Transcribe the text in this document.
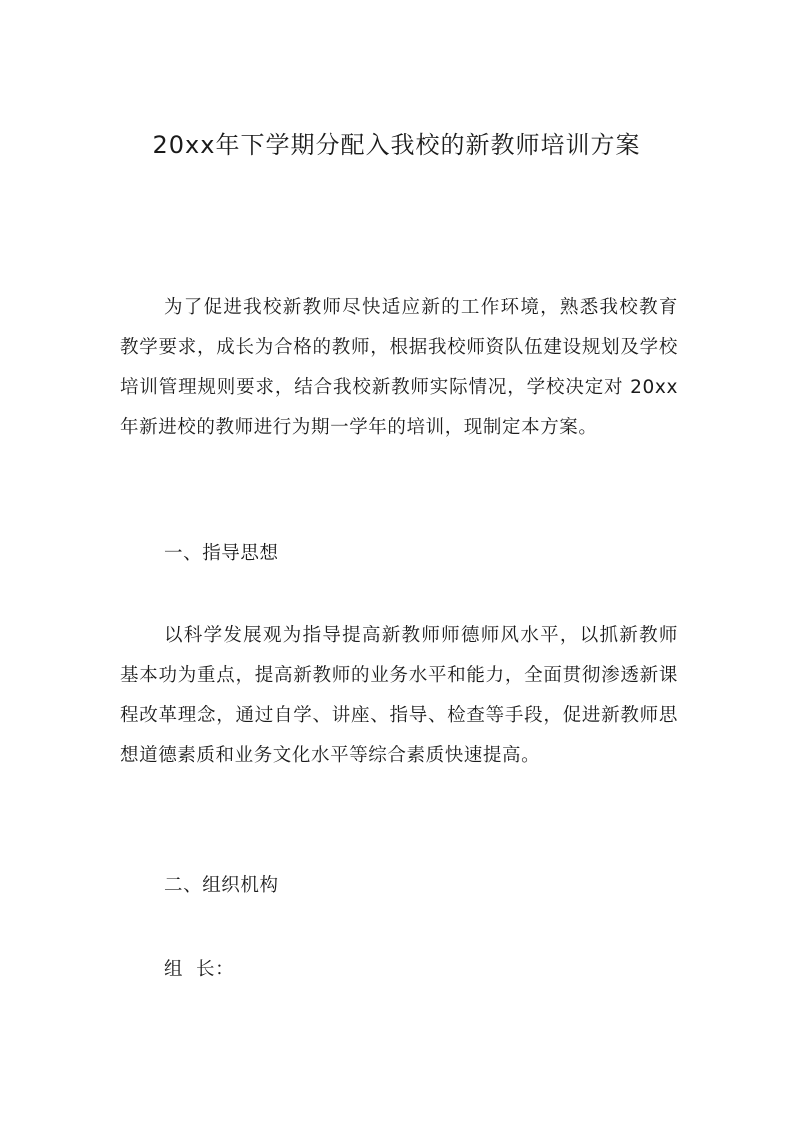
20xx年下学期分配入我校的新教师培训方案

为了促进我校新教师尽快适应新的工作环境，熟悉我校教育教学要求，成长为合格的教师，根据我校师资队伍建设规划及学校培训管理规则要求，结合我校新教师实际情况，学校决定对 20xx 年新进校的教师进行为期一学年的培训，现制定本方案。

一、指导思想

以科学发展观为指导提高新教师师德师风水平，以抓新教师基本功为重点，提高新教师的业务水平和能力，全面贯彻渗透新课程改革理念，通过自学、讲座、指导、检查等手段，促进新教师思想道德素质和业务文化水平等综合素质快速提高。

二、组织机构

组  长：
